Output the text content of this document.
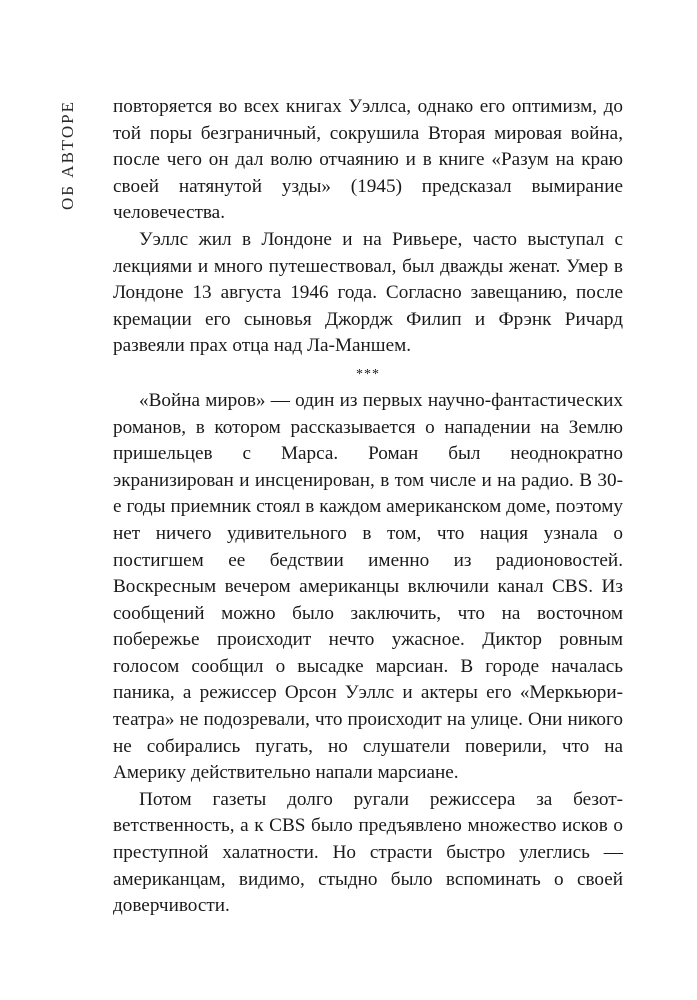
ОБ АВТОРЕ повторяется во всех книгах Уэллса, однако его оптимизм, до той поры безграничный, сокрушила Вторая мировая война, после чего он дал волю отчаянию и в книге «Разум на краю своей натянутой узды» (1945) предсказал вымирание человечества.

Уэллс жил в Лондоне и на Ривьере, часто выступал с лекциями и много путешествовал, был дважды женат. Умер в Лондоне 13 августа 1946 года. Согласно завещанию, после кремации его сыновья Джордж Филип и Фрэнк Ричард развеяли прах отца над Ла-Маншем.

***

«Война миров» — один из первых научно-фантастических романов, в котором рассказывается о нападении на Землю пришельцев с Марса. Роман был неоднократно экранизирован и инсценирован, в том числе и на радио. В 30-е годы приемник стоял в каждом американском доме, поэтому нет ничего удивительного в том, что нация узнала о постигшем ее бедствии именно из радионовостей. Воскресным вечером американцы включили канал CBS. Из сообщений можно было заключить, что на восточном побережье происходит нечто ужасное. Диктор ровным голосом сообщил о высадке марсиан. В городе началась паника, а режиссер Орсон Уэллс и актеры его «Меркьюри-театра» не подозревали, что происходит на улице. Они никого не собирались пугать, но слушатели поверили, что на Америку действительно напали марсиане.

Потом газеты долго ругали режиссера за безответственность, а к CBS было предъявлено множество исков о преступной халатности. Но страсти быстро улеглись — американцам, видимо, стыдно было вспоминать о своей доверчивости.
